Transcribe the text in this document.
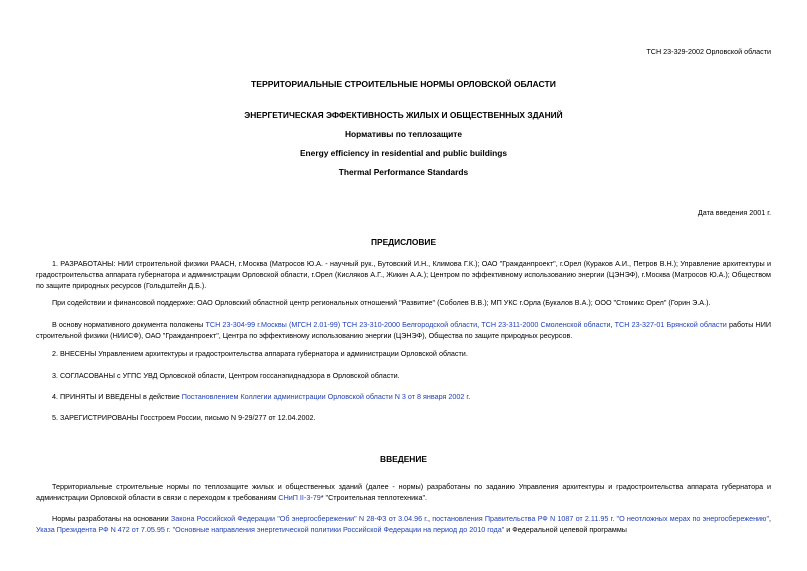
ТСН 23-329-2002 Орловской области
ТЕРРИТОРИАЛЬНЫЕ СТРОИТЕЛЬНЫЕ НОРМЫ ОРЛОВСКОЙ ОБЛАСТИ
ЭНЕРГЕТИЧЕСКАЯ ЭФФЕКТИВНОСТЬ ЖИЛЫХ И ОБЩЕСТВЕННЫХ ЗДАНИЙ
Нормативы по теплозащите
Energy efficiency in residential and public buildings
Thermal Performance Standards
Дата введения 2001 г.
ПРЕДИСЛОВИЕ
1. РАЗРАБОТАНЫ: НИИ строительной физики РААСН, г.Москва (Матросов Ю.А. - научный рук., Бутовский И.Н., Климова Г.К.); ОАО "Гражданпроект", г.Орел (Кураков А.И., Петров В.Н.); Управление архитектуры и градостроительства аппарата губернатора и администрации Орловской области, г.Орел (Кисляков А.Г., Жикин А.А.); Центром по эффективному использованию энергии (ЦЭНЭФ), г.Москва (Матросов Ю.А.); Обществом по защите природных ресурсов (Гольдштейн Д.Б.).
При содействии и финансовой поддержке: ОАО Орловский областной центр региональных отношений "Развитие" (Соболев В.В.); МП УКС г.Орла (Букалов В.А.); ООО "Стомикс Орел" (Горин Э.А.).
В основу нормативного документа положены ТСН 23-304-99 г.Москвы (МГСН 2.01-99) ТСН 23-310-2000 Белгородской области, ТСН 23-311-2000 Смоленской области, ТСН 23-327-01 Брянской области работы НИИ строительной физики (НИИСФ), ОАО "Гражданпроект", Центра по эффективному использованию энергии (ЦЭНЭФ), Общества по защите природных ресурсов.
2. ВНЕСЕНЫ Управлением архитектуры и градостроительства аппарата губернатора и администрации Орловской области.
3. СОГЛАСОВАНЫ с УГПС УВД Орловской области, Центром госсанэпиднадзора в Орловской области.
4. ПРИНЯТЫ И ВВЕДЕНЫ в действие Постановлением Коллегии администрации Орловской области N 3 от 8 января 2002 г.
5. ЗАРЕГИСТРИРОВАНЫ Госстроем России, письмо N 9-29/277 от 12.04.2002.
ВВЕДЕНИЕ
Территориальные строительные нормы по теплозащите жилых и общественных зданий (далее - нормы) разработаны по заданию Управления архитектуры и градостроительства аппарата губернатора и администрации Орловской области в связи с переходом к требованиям СНиП II-3-79* "Строительная теплотехника".
Нормы разработаны на основании Закона Российской Федерации "Об энергосбережении" N 28-ФЗ от 3.04.96 г., постановления Правительства РФ N 1087 от 2.11.95 г. "О неотложных мерах по энергосбережению", Указа Президента РФ N 472 от 7.05.95 г. "Основные направления энергетической политики Российской Федерации на период до 2010 года" и Федеральной целевой программы
